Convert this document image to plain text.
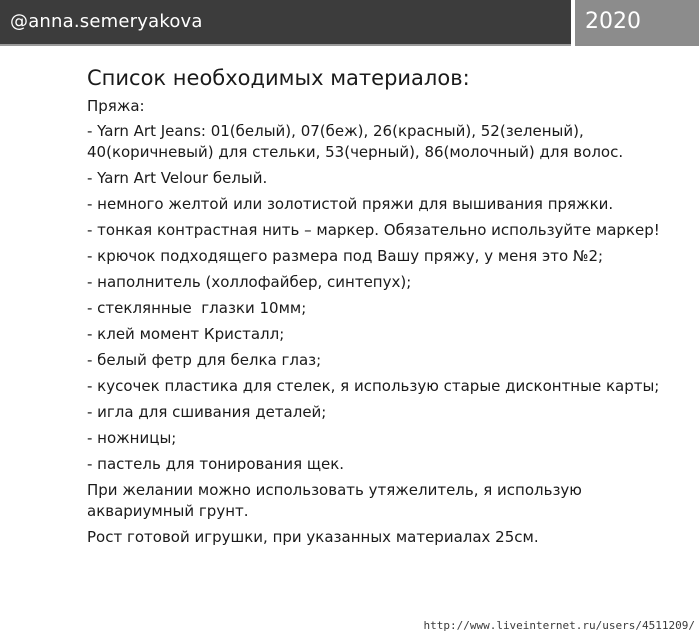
@anna.semeryakova	2020
Список необходимых материалов:

Пряжа:

- Yarn Art Jeans: 01(белый), 07(беж), 26(красный), 52(зеленый), 40(коричневый) для стельки, 53(черный), 86(молочный) для волос.
- Yarn Art Velour белый.
- немного желтой или золотистой пряжи для вышивания пряжки.
- тонкая контрастная нить – маркер. Обязательно используйте маркер!
- крючок подходящего размера под Вашу пряжу, у меня это №2;
- наполнитель (холлофайбер, синтепух);
- стеклянные  глазки 10мм;
- клей момент Кристалл;
- белый фетр для белка глаз;
- кусочек пластика для стелек, я использую старые дисконтные карты;
- игла для сшивания деталей;
- ножницы;
- пастель для тонирования щек.

При желании можно использовать утяжелитель, я использую аквариумный грунт.

Рост готовой игрушки, при указанных материалах 25см.

http://www.liveinternet.ru/users/4511209/
